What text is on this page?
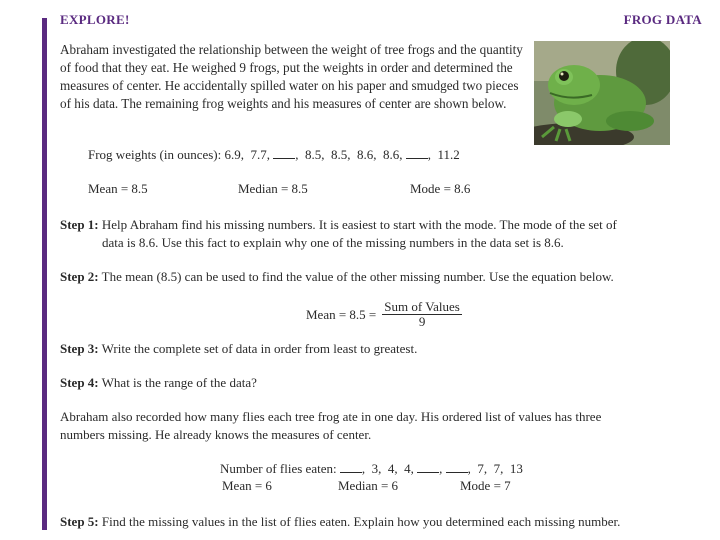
EXPLORE!	FROG DATA
Abraham investigated the relationship between the weight of tree frogs and the quantity of food that they eat. He weighed 9 frogs, put the weights in order and determined the measures of center. He accidentally spilled water on his paper and smudged two pieces of his data. The remaining frog weights and his measures of center are shown below.
Frog weights (in ounces): 6.9,  7.7, ,  8.5,  8.5,  8.6,  8.6, ,  11.2
Mean = 8.5	Median = 8.5	Mode = 8.6
Step 1: Help Abraham find his missing numbers. It is easiest to start with the mode. The mode of the set of
data is 8.6. Use this fact to explain why one of the missing numbers in the data set is 8.6.
Step 2: The mean (8.5) can be used to find the value of the other missing number. Use the equation below.
Mean = $8.5 = \frac{\text{Sum of Values}}{9}$
Step 3: Write the complete set of data in order from least to greatest.
Step 4: What is the range of the data?
Abraham also recorded how many flies each tree frog ate in one day. His ordered list of values has three numbers missing. He already knows the measures of center.
Number of flies eaten: ,  3,  4,  4, , ,  7,  7,  13
Mean = 6	Median = 6	Mode = 7
Step 5: Find the missing values in the list of flies eaten. Explain how you determined each missing number.
